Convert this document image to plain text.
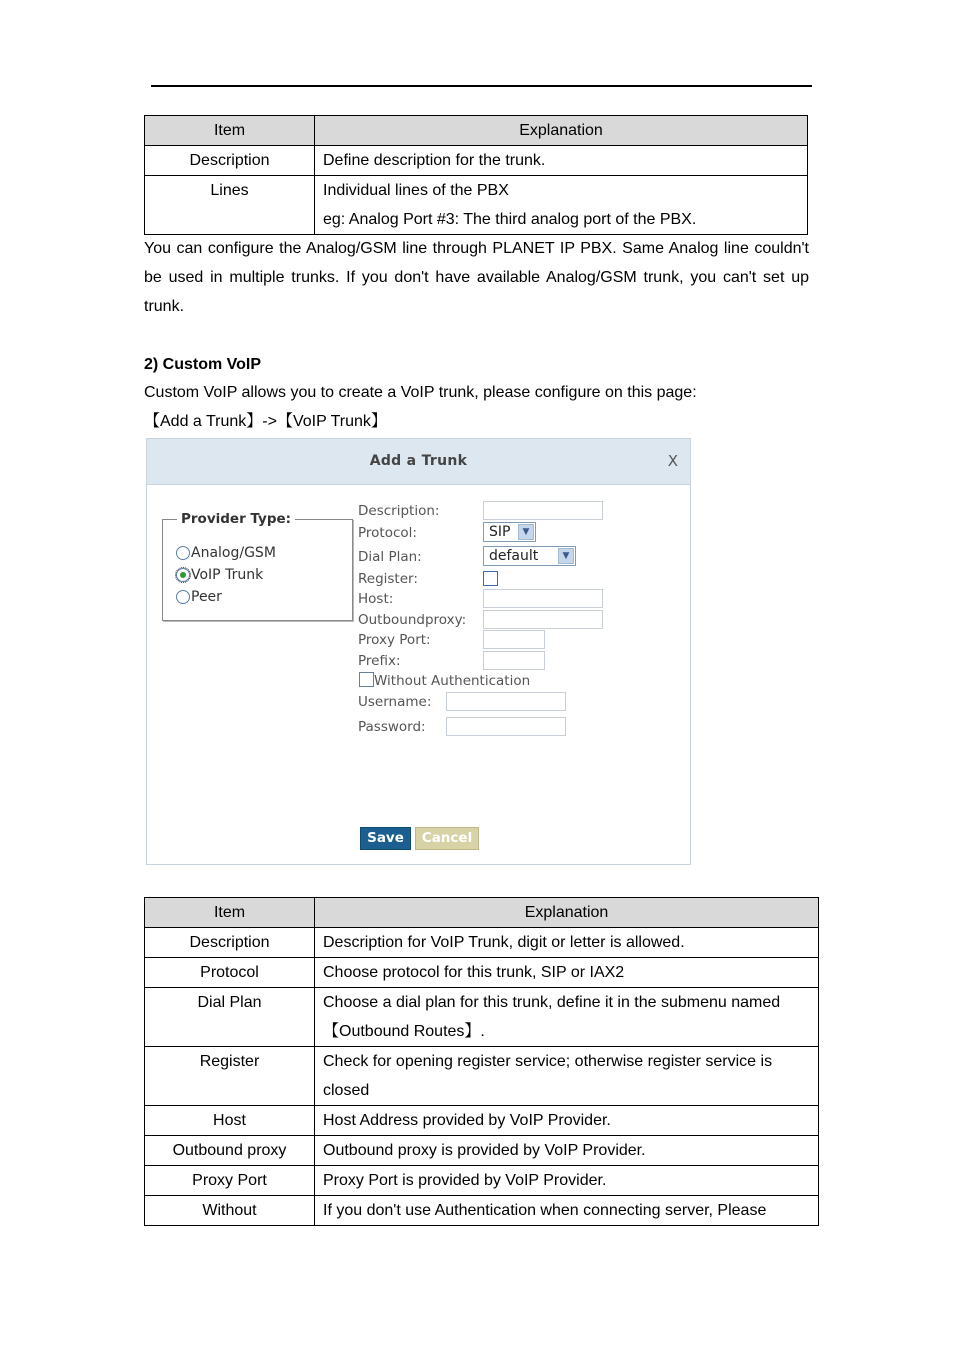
Item	Explanation
Description	Define description for the trunk.

Lines	Individual lines of the PBX
eg: Analog Port #3: The third analog port of the PBX.
You can configure the Analog/GSM line through PLANET IP PBX. Same Analog line couldn't be used in multiple trunks. If you don't have available Analog/GSM trunk, you can't set up trunk.
2) Custom VoIP
Custom VoIP allows you to create a VoIP trunk, please configure on this page:
【Add a Trunk】->【VoIP Trunk】
Add a Trunk	X
Provider Type:
Analog/GSM
VoIP Trunk
Peer
Description:
Protocol:	SIP	▼
Dial Plan:	default	▼
Register:
Host:
Outboundproxy:
Proxy Port:
Prefix:
Without Authentication
Username:
Password:
Save	Cancel
Item	Explanation
Description	Description for VoIP Trunk, digit or letter is allowed.

Protocol	Choose protocol for this trunk, SIP or IAX2

Dial Plan	Choose a dial plan for this trunk, define it in the submenu named
【Outbound Routes】.

Register	Check for opening register service; otherwise register service is
closed

Host	Host Address provided by VoIP Provider.

Outbound proxy	Outbound proxy is provided by VoIP Provider.

Proxy Port	Proxy Port is provided by VoIP Provider.

Without	If you don't use Authentication when connecting server, Please
